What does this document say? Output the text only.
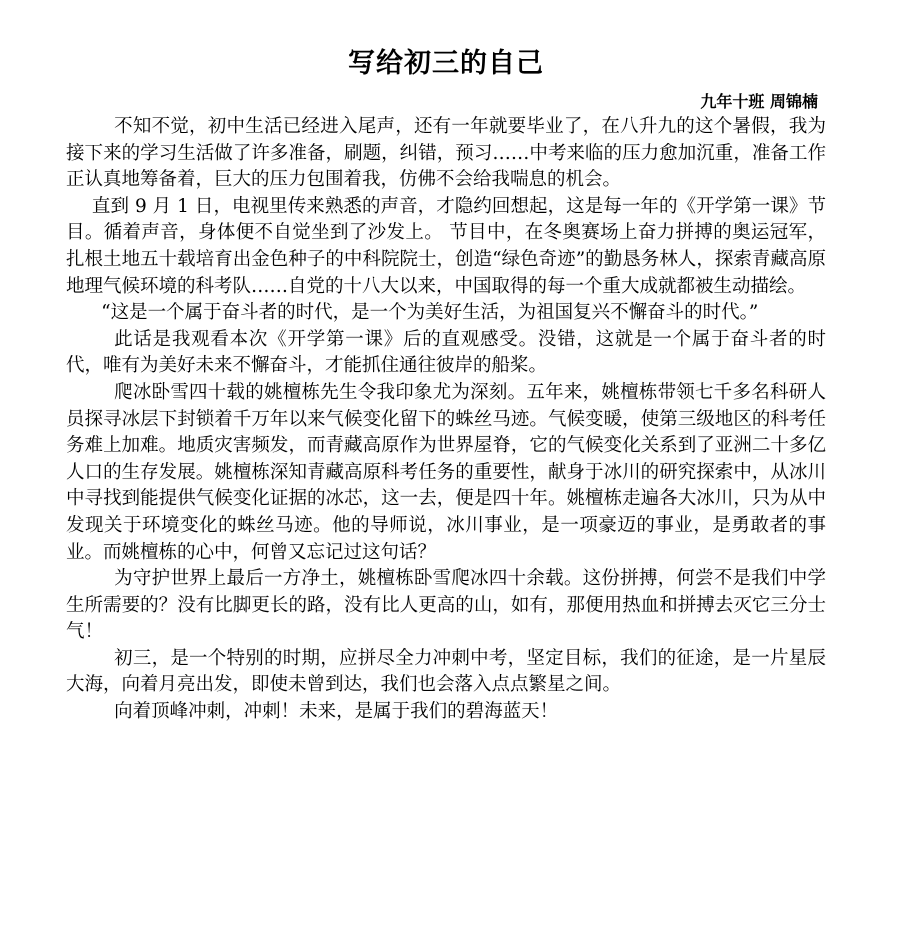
写给初三的自己
九年十班 周锦楠

不知不觉，初中生活已经进入尾声，还有一年就要毕业了，在八升九的这个暑假，我为接下来的学习生活做了许多准备，刷题，纠错，预习……中考来临的压力愈加沉重，准备工作正认真地筹备着，巨大的压力包围着我，仿佛不会给我喘息的机会。

直到 9 月 1 日，电视里传来熟悉的声音，才隐约回想起，这是每一年的《开学第一课》节目。循着声音，身体便不自觉坐到了沙发上。 节目中，在冬奥赛场上奋力拼搏的奥运冠军，扎根土地五十载培育出金色种子的中科院院士，创造“绿色奇迹”的勤恳务林人，探索青藏高原地理气候环境的科考队……自党的十八大以来，中国取得的每一个重大成就都被生动描绘。

“这是一个属于奋斗者的时代，是一个为美好生活，为祖国复兴不懈奋斗的时代。”

此话是我观看本次《开学第一课》后的直观感受。没错，这就是一个属于奋斗者的时代，唯有为美好未来不懈奋斗，才能抓住通往彼岸的船桨。

爬冰卧雪四十载的姚檀栋先生令我印象尤为深刻。五年来，姚檀栋带领七千多名科研人员探寻冰层下封锁着千万年以来气候变化留下的蛛丝马迹。气候变暖，使第三级地区的科考任务难上加难。地质灾害频发，而青藏高原作为世界屋脊，它的气候变化关系到了亚洲二十多亿人口的生存发展。姚檀栋深知青藏高原科考任务的重要性，献身于冰川的研究探索中，从冰川中寻找到能提供气候变化证据的冰芯，这一去，便是四十年。姚檀栋走遍各大冰川，只为从中发现关于环境变化的蛛丝马迹。他的导师说，冰川事业，是一项豪迈的事业，是勇敢者的事业。而姚檀栋的心中，何曾又忘记过这句话？

为守护世界上最后一方净土，姚檀栋卧雪爬冰四十余载。这份拼搏，何尝不是我们中学生所需要的？没有比脚更长的路，没有比人更高的山，如有，那便用热血和拼搏去灭它三分士气！

初三，是一个特别的时期，应拼尽全力冲刺中考，坚定目标，我们的征途，是一片星辰大海，向着月亮出发，即使未曾到达，我们也会落入点点繁星之间。

向着顶峰冲刺，冲刺！未来，是属于我们的碧海蓝天！
